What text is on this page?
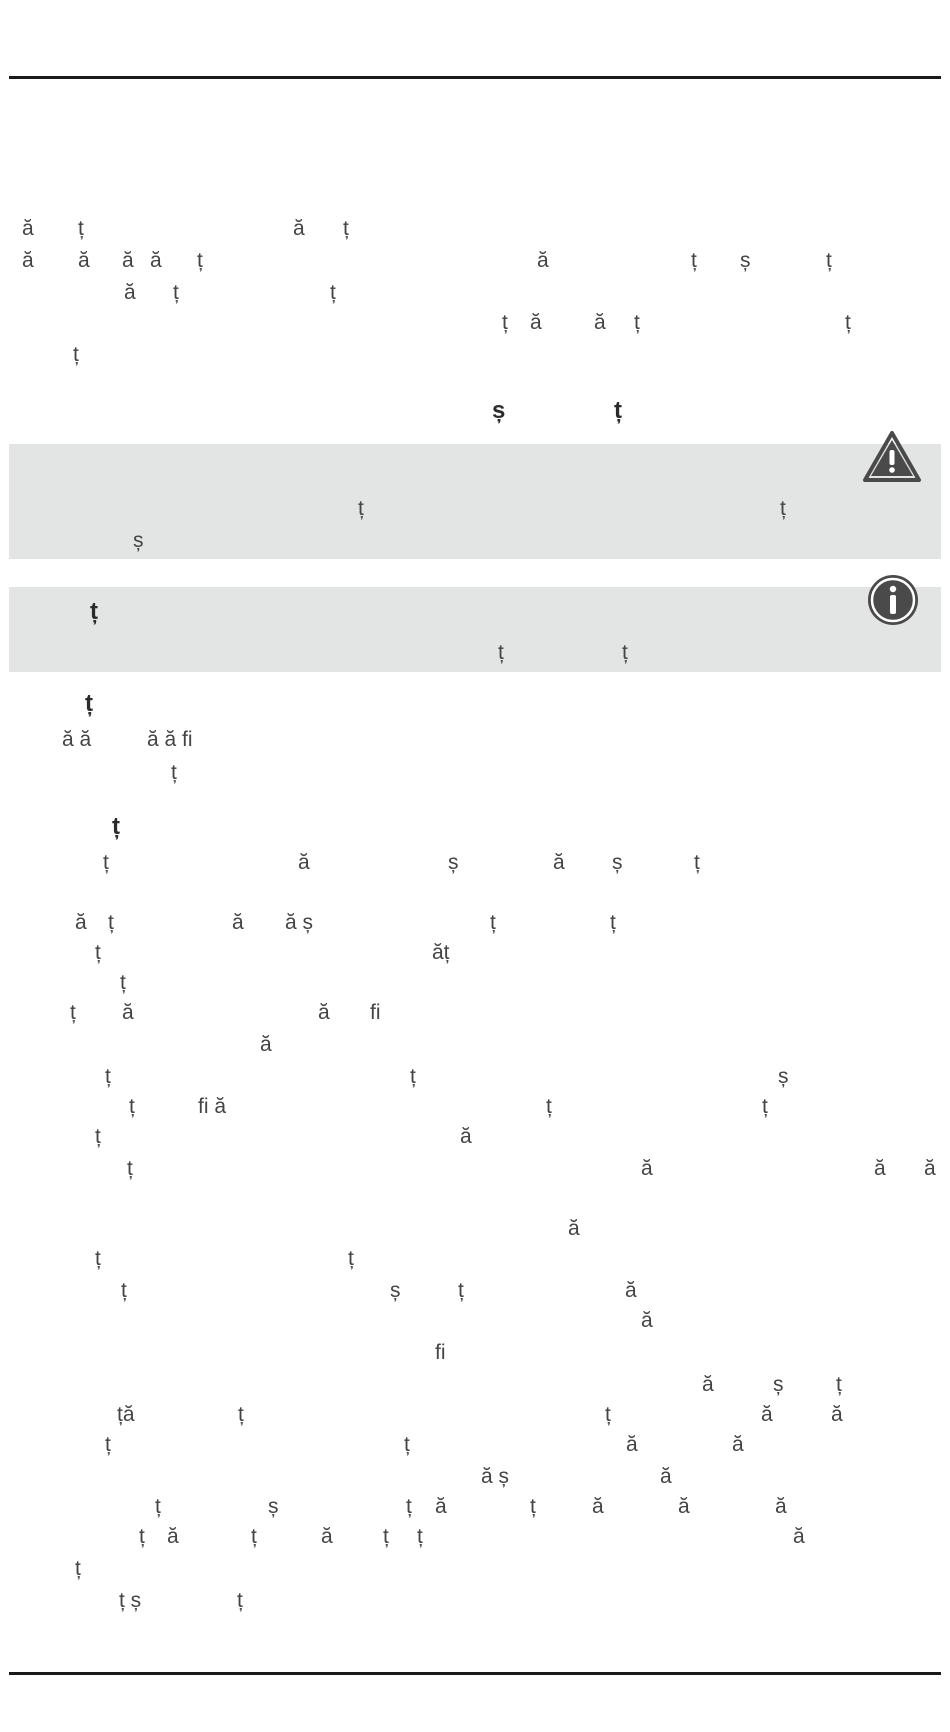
ă ț	ă ț
ă ă ă ă ț	ă	ț ș	ț
ă ț	ț
ț ă ă ț	ț
ț
ș	ț
ț	ț
ș
ț
ț	ț
ț
ă ă	ă ă fi
ț
ț
ț	ă	ș	ă ș	ț
ă ț	ă ă ș	ț	ț
ț	ăț
ț
ț ă	ă fi
ă
ț	ț	ș
ț	fi ă	ț	ț
ț	ă
ț	ă	ă ă
ă
ț	ț
ț	ș	ț	ă
ă
fi
ă	ș	ț
ță	ț	ț	ă	ă
ț	ț	ă	ă
ă ș	ă
ț	ș	ț ă	ț	ă	ă	ă
ț ă	ț	ă ț ț	ă
ț
ț ș	ț
